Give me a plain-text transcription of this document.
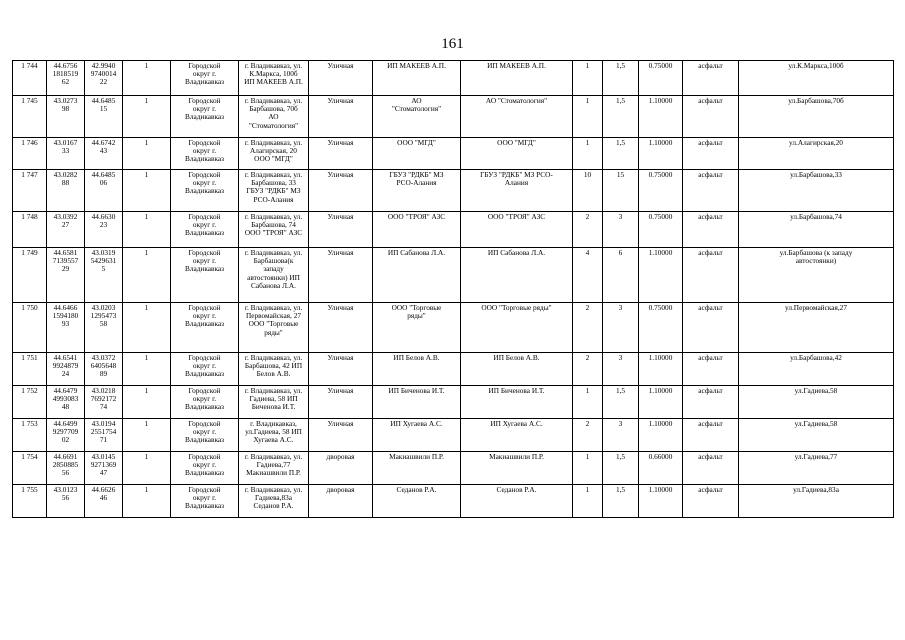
161
1 744	44.6756
1818519
62	42.9940
9740014
22	1	Городской
округ г.
Владикавказ	г. Владикавказ, ул.
К.Маркса, 100б
ИП МАКЕЕВ А.П.	Уличная	ИП МАКЕЕВ А.П.	ИП МАКЕЕВ А.П.	1	1,5	0.75000	асфальт	ул.К.Маркса,100б
1 745	43.0273
98	44.6485
15	1	Городской
округ г.
Владикавказ	г. Владикавказ, ул.
Барбашова, 70б
АО
"Стоматология"	Уличная	АО
"Стоматология"	АО "Стоматология"	1	1,5	1.10000	асфальт	ул.Барбашова,70б
1 746	43.0167
33	44.6742
43	1	Городской
округ г.
Владикавказ	г. Владикавказ, ул.
Алагирская, 20
ООО "МГД"	Уличная	ООО "МГД"	ООО "МГД"	1	1,5	1.10000	асфальт	ул.Алагирская,20
1 747	43.0282
88	44.6485
06	1	Городской
округ г.
Владикавказ	г. Владикавказ, ул.
Барбашова, 33
ГБУЗ "РДКБ" МЗ
РСО-Алания	Уличная	ГБУЗ "РДКБ" МЗ
РСО-Алания	ГБУЗ "РДКБ" МЗ РСО-
Алания	10	15	0.75000	асфальт	ул.Барбашова,33
1 748	43.0392
27	44.6630
23	1	Городской
округ г.
Владикавказ	г. Владикавказ, ул.
Барбашова, 74
ООО "ТРОЯ" АЗС	Уличная	ООО "ТРОЯ" АЗС	ООО "ТРОЯ" АЗС	2	3	0.75000	асфальт	ул.Барбашова,74
1 749	44.6581
7139557
29	43.0319
5429631
5	1	Городской
округ г.
Владикавказ	г. Владикавказ, ул.
Барбашова(к
западу
автостоянки) ИП
Сабанова Л.А.	Уличная	ИП Сабанова Л.А.	ИП Сабанова Л.А.	4	6	1.10000	асфальт	ул.Барбашова (к западу
автостоянки)
1 750	44.6466
1594180
93	43.0203
1295473
58	1	Городской
округ г.
Владикавказ	г. Владикавказ, ул.
Первомайская, 27
ООО "Торговые
ряды"	Уличная	ООО "Торговые
ряды"	ООО "Торговые ряды"	2	3	0.75000	асфальт	ул.Первомайская,27
1 751	44.6541
9924879
24	43.0372
6405648
89	1	Городской
округ г.
Владикавказ	г. Владикавказ, ул.
Барбашова, 42 ИП
Белов А.В.	Уличная	ИП Белов А.В.	ИП Белов А.В.	2	3	1.10000	асфальт	ул.Барбашова,42
1 752	44.6479
4993083
48	43.0218
7692172
74	1	Городской
округ г.
Владикавказ	г. Владикавказ, ул.
Гадиева, 58 ИП
Биченова И.Т.	Уличная	ИП Биченова И.Т.	ИП Биченова И.Т.	1	1,5	1.10000	асфальт	ул.Гадиева,58
1 753	44.6499
9297709
02	43.0194
2551754
71	1	Городской
округ г.
Владикавказ	г. Владикавказ,
ул.Гадиева, 58 ИП
Хугаева А.С.	Уличная	ИП Хугаева А.С.	ИП Хугаева А.С.	2	3	1.10000	асфальт	ул.Гадиева,58
1 754	44.6691
2850885
56	43.0145
9271369
47	1	Городской
округ г.
Владикавказ	г. Владикавказ, ул.
Гадиева,77
Макиашвили П.Р.	дворовая	Макиашвили П.Р.	Макиашвили П.Р.	1	1,5	0.66000	асфальт	ул.Гадиева,77
1 755	43.0123
56	44.6626
46	1	Городской
округ г.
Владикавказ	г. Владикавказ, ул.
Гадиева,83а
Седанов Р.А.	дворовая	Седанов Р.А.	Седанов Р.А.	1	1,5	1.10000	асфальт	ул.Гадиева,83а
